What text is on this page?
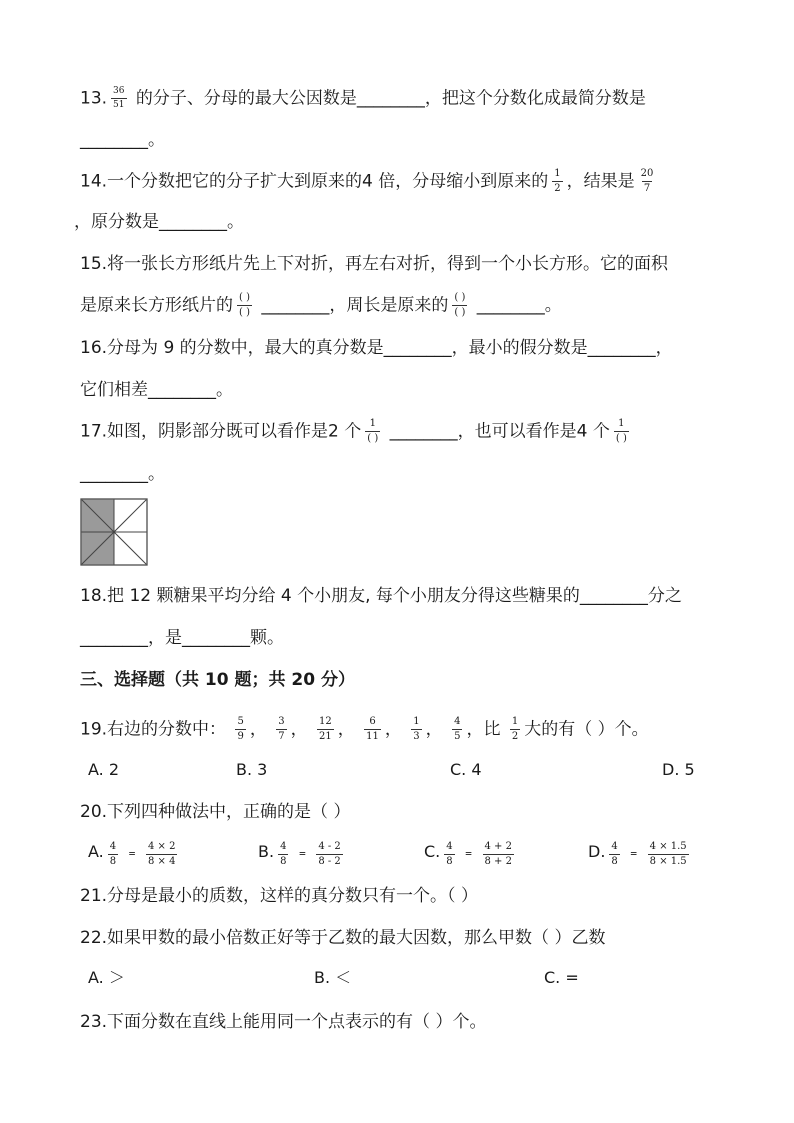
13. $\frac{36}{51}$ 的分子、分母的最大公因数是________，把这个分数化成最简分数是
________。
14.一个分数把它的分子扩大到原来的4 倍，分母缩小到原来的 $\frac{1}{2}$ ，结果是 $\frac{20}{7}$
，原分数是________。
15.将一张长方形纸片先上下对折，再左右对折，得到一个小长方形。它的面积
是原来长方形纸片的 $\frac{( )}{( )}$ ________，周长是原来的 $\frac{( )}{( )}$ ________。
16.分母为 9 的分数中，最大的真分数是________，最小的假分数是________，
它们相差________。
17.如图，阴影部分既可以看作是2 个 $\frac{1}{( )}$ ________，也可以看作是4 个 $\frac{1}{( )}$
________。
18.把 12 颗糖果平均分给 4 个小朋友, 每个小朋友分得这些糖果的________分之
________，是________颗。
三、选择题（共 10 题；共 20 分）
19.右边的分数中： $\frac{5}{9}$ ， $\frac{3}{7}$ ， $\frac{12}{21}$ ， $\frac{6}{11}$ ， $\frac{1}{3}$ ， $\frac{4}{5}$ ，比 $\frac{1}{2}$ 大的有（ ）个。
A. 2	B. 3	C. 4	D. 5
20.下列四种做法中，正确的是（ ）
A. $\frac{4}{8} = \frac{4 \times 2}{8 \times 4}$	B. $\frac{4}{8} = \frac{4 - 2}{8 - 2}$	C. $\frac{4}{8} = \frac{4 + 2}{8 + 2}$	D. $\frac{4}{8} = \frac{4 \times 1.5}{8 \times 1.5}$
21.分母是最小的质数，这样的真分数只有一个。（ ）
22.如果甲数的最小倍数正好等于乙数的最大因数，那么甲数（ ）乙数
A. ＞	B. ＜	C. =
23.下面分数在直线上能用同一个点表示的有（ ）个。
